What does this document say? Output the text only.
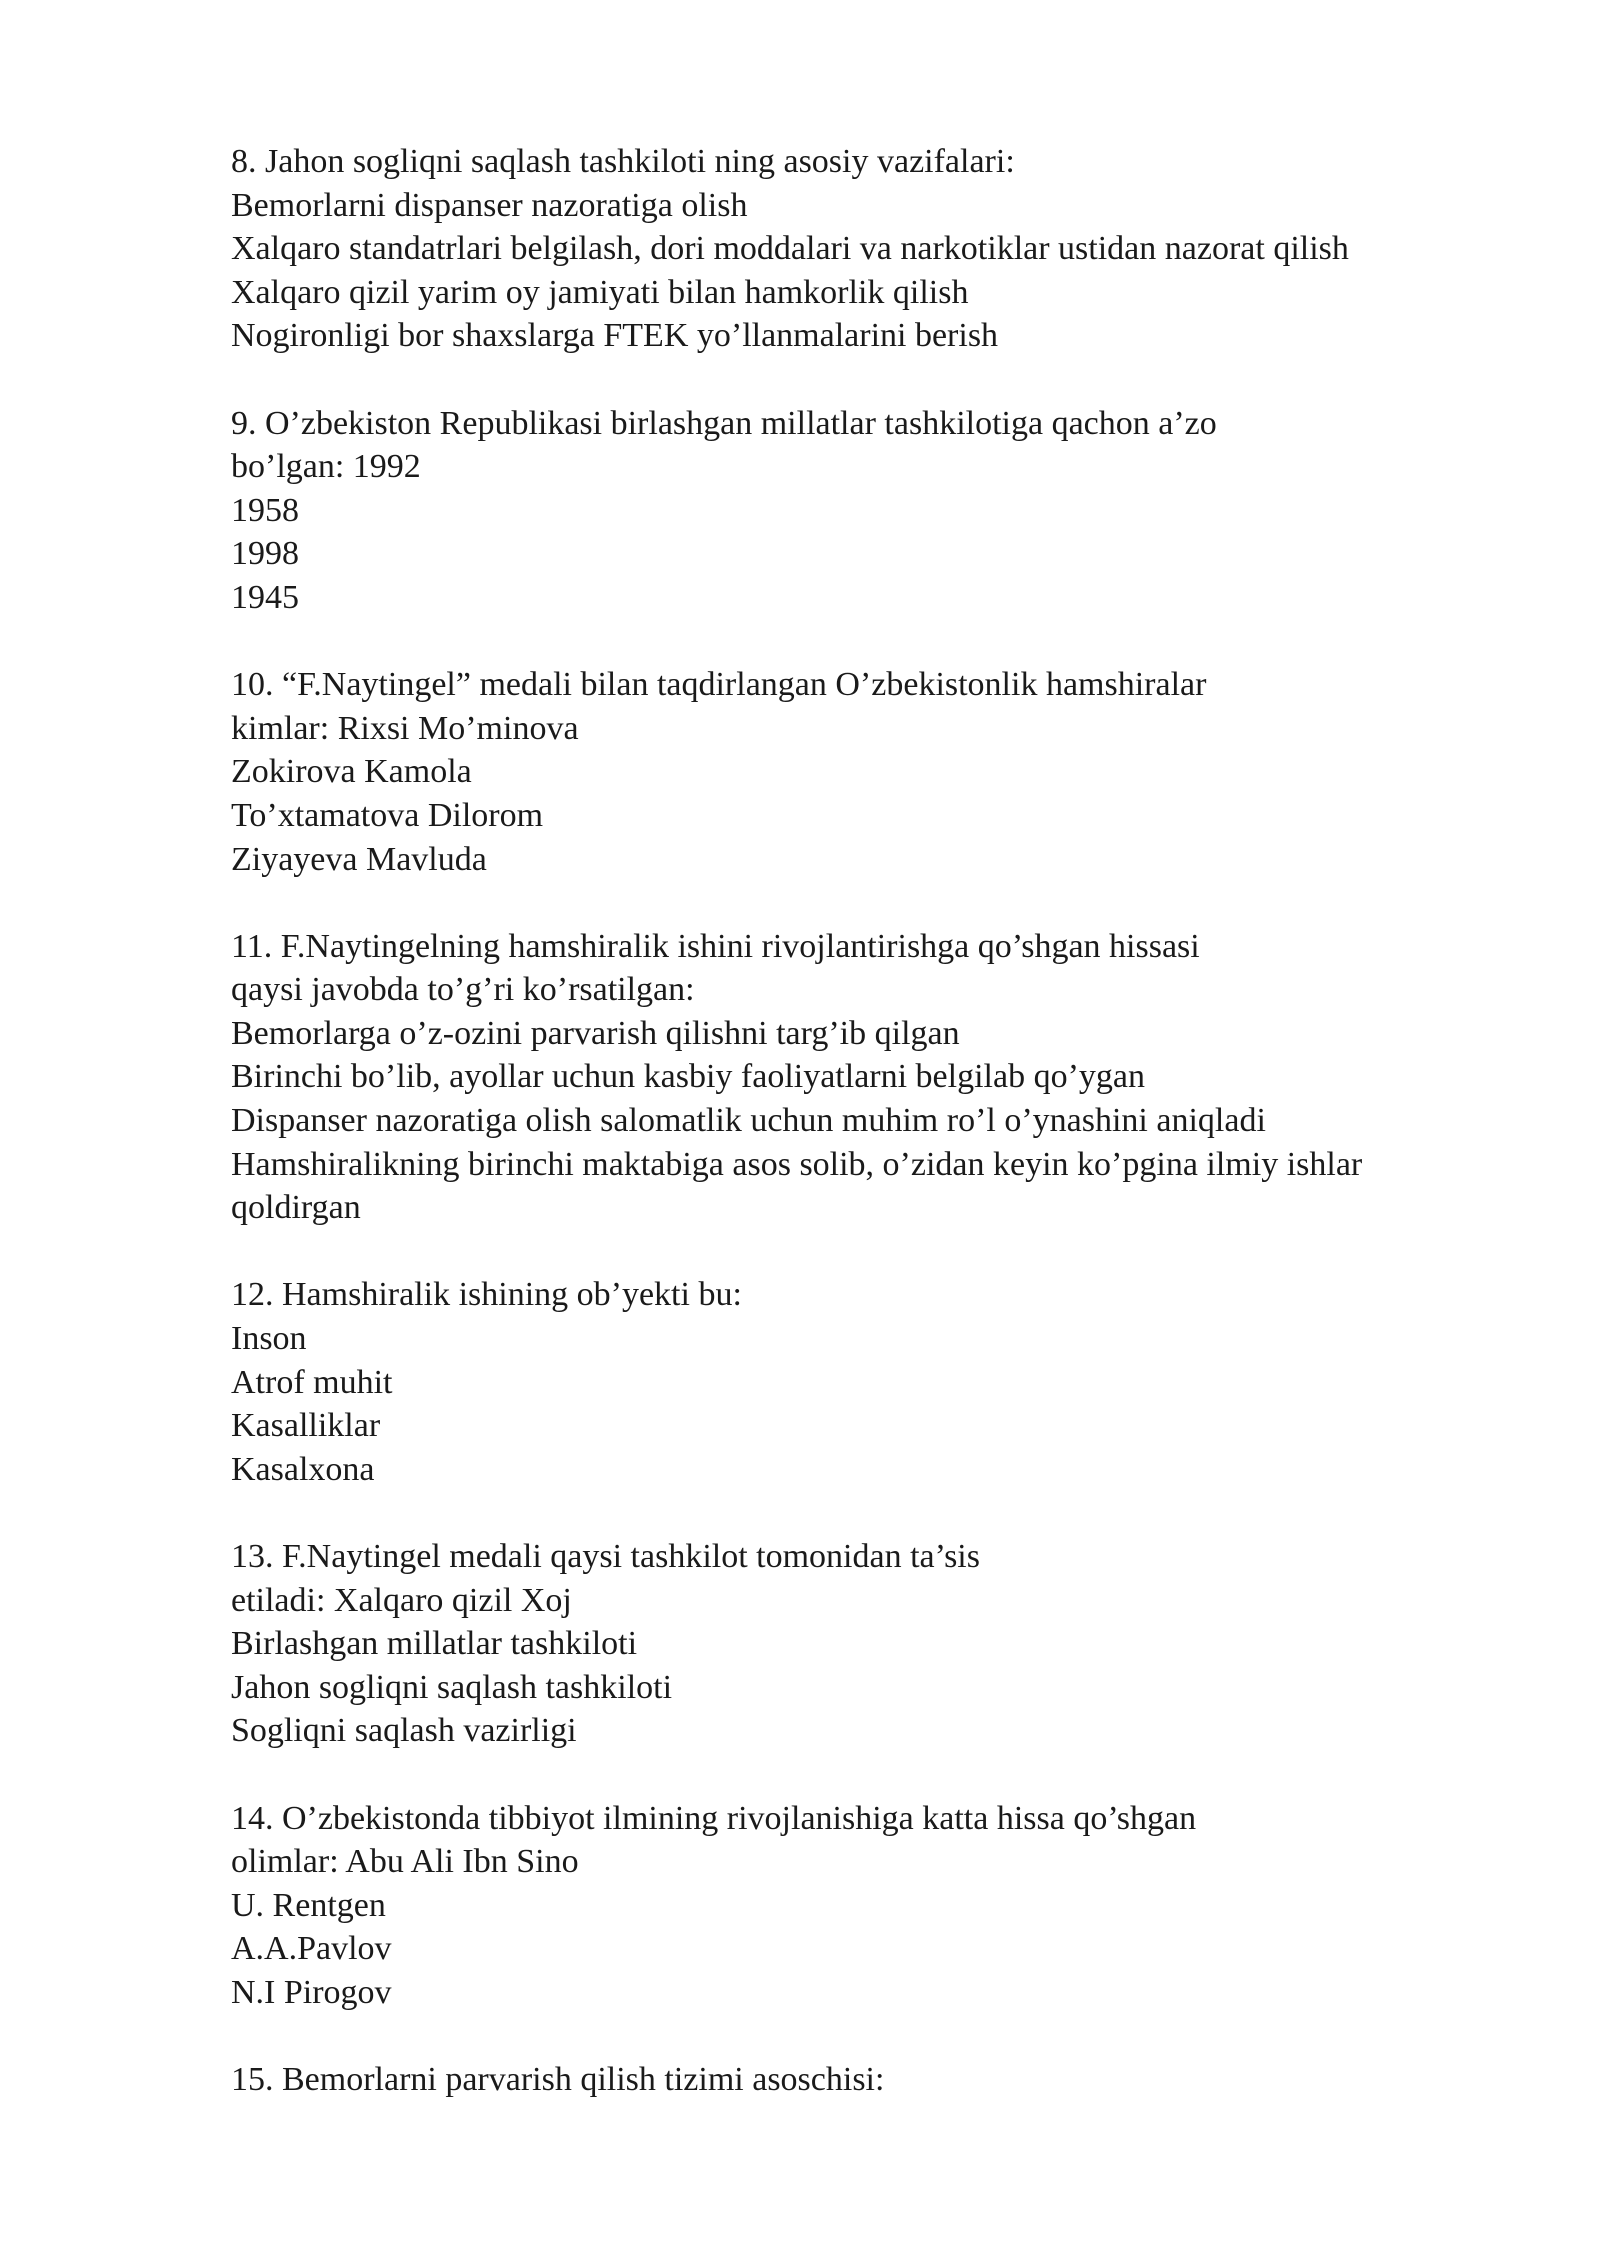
8. Jahon sogliqni saqlash tashkiloti ning asosiy vazifalari:
Bemorlarni dispanser nazoratiga olish
Xalqaro standatrlari belgilash, dori moddalari va narkotiklar ustidan nazorat qilish
Xalqaro qizil yarim oy jamiyati bilan hamkorlik qilish
Nogironligi bor shaxslarga FTEK yo’llanmalarini berish
9. O’zbekiston Republikasi birlashgan millatlar tashkilotiga qachon a’zo
bo’lgan: 1992
1958
1998
1945
10. “F.Naytingel” medali bilan taqdirlangan O’zbekistonlik hamshiralar
kimlar: Rixsi Mo’minova
Zokirova Kamola
To’xtamatova Dilorom
Ziyayeva Mavluda
11. F.Naytingelning hamshiralik ishini rivojlantirishga qo’shgan hissasi
qaysi javobda to’g’ri ko’rsatilgan:
Bemorlarga o’z-ozini parvarish qilishni targ’ib qilgan
Birinchi bo’lib, ayollar uchun kasbiy faoliyatlarni belgilab qo’ygan
Dispanser nazoratiga olish salomatlik uchun muhim ro’l o’ynashini aniqladi
Hamshiralikning birinchi maktabiga asos solib, o’zidan keyin ko’pgina ilmiy ishlar
qoldirgan
12. Hamshiralik ishining ob’yekti bu:
Inson
Atrof muhit
Kasalliklar
Kasalxona
13. F.Naytingel medali qaysi tashkilot tomonidan ta’sis
etiladi: Xalqaro qizil Xoj
Birlashgan millatlar tashkiloti
Jahon sogliqni saqlash tashkiloti
Sogliqni saqlash vazirligi
14. O’zbekistonda tibbiyot ilmining rivojlanishiga katta hissa qo’shgan
olimlar: Abu Ali Ibn Sino
U. Rentgen
A.A.Pavlov
N.I Pirogov
15. Bemorlarni parvarish qilish tizimi asoschisi:
